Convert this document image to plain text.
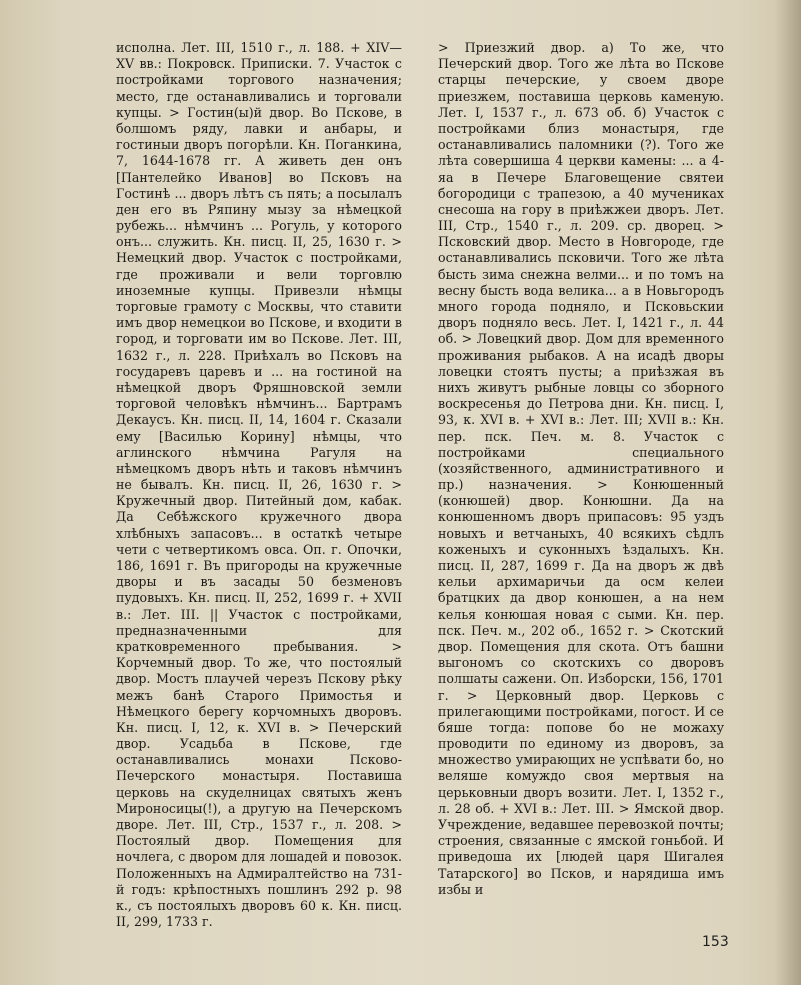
исполна. Лет. III, 1510 г., л. 188. + XIV—XV вв.: Покровск. Приписки. 7. Участок с постройками торгового назначения; место, где останавливались и торговали купцы. > Гостин(ы)й двор. Во Пскове, в болшомъ ряду, лавки и анбары, и гостиныи дворъ погорѣли. Кн. Поганкина, 7, 1644-1678 гг. А живеть ден онъ [Пантелейко Иванов] во Псковъ на Гостинѣ ... дворъ лѣтъ съ пять; а посылалъ ден его въ Ряпину мызу за нѣмецкой рубежь... нѣмчинъ ... Рогуль, у которого онъ... служить. Кн. писц. II, 25, 1630 г. > Немецкий двор. Участок с постройками, где проживали и вели торговлю иноземные купцы. Привезли нѣмцы торговые грамоту с Москвы, что ставити имъ двор немецкои во Пскове, и входити в город, и торговати им во Пскове. Лет. III, 1632 г., л. 228. Приѣхалъ во Псковъ на государевъ царевъ и ... на гостиной на нѣмецкой дворъ Фряшновской земли торговой человѣкъ нѣмчинъ... Бартрамъ Декаусъ. Кн. писц. II, 14, 1604 г. Сказали ему [Василью Корину] нѣмцы, что аглинского нѣмчина Рагуля на нѣмецкомъ дворъ нѣть и таковъ нѣмчинъ не бывалъ. Кн. писц. II, 26, 1630 г. > Кружечный двор. Питейный дом, кабак. Да Себѣжского кружечного двора хлѣбныхъ запасовъ... в остаткѣ четыре чети с четвертикомъ овса. Оп. г. Опочки, 186, 1691 г. Въ пригороды на кружечные дворы и въ засады 50 безменовъ пудовыхъ. Кн. писц. II, 252, 1699 г. + XVII в.: Лет. III. || Участок с постройками, предназначенными для кратковременного пребывания. > Корчемный двор. То же, что постоялый двор. Мостъ плаучей черезъ Пскову рѣку межъ банѣ Старого Примостья и Нѣмецкого берегу корчомныхъ дворовъ. Кн. писц. I, 12, к. XVI в. > Печерский двор. Усадьба в Пскове, где останавливались монахи Псково-Печерского монастыря. Поставиша церковь на скуделницах святыхъ женъ Мироносицы(!), а другую на Печерскомъ дворе. Лет. III, Стр., 1537 г., л. 208. > Постоялый двор. Помещения для ночлега, с двором для лошадей и повозок. Положенныхъ на Адмиралтейство на 731-й годъ: крѣпостныхъ пошлинъ 292 р. 98 к., съ постоялыхъ дворовъ 60 к. Кн. писц. II, 299, 1733 г.

> Приезжий двор. а) То же, что Печерский двор. Того же лѣта во Пскове старцы печерские, у своем дворе приезжем, поставиша церковь каменую. Лет. I, 1537 г., л. 673 об. б) Участок с постройками близ монастыря, где останавливались паломники (?). Того же лѣта совершиша 4 церкви камены: ... а 4-яа в Печере Благовещение святеи богородици с трапезою, а 40 мучениках снесоша на гору в приѣжжеи дворъ. Лет. III, Стр., 1540 г., л. 209. ср. дворец. > Псковский двор. Место в Новгороде, где останавливались псковичи. Того же лѣта бысть зима снежна велми... и по томъ на весну бысть вода велика... а в Новьгородъ много города подняло, и Псковьскии дворъ подняло весь. Лет. I, 1421 г., л. 44 об. > Ловецкий двор. Дом для временного проживания рыбаков. А на исадѣ дворы ловецки стоятъ пусты; а приѣзжая въ нихъ живутъ рыбные ловцы со зборного воскресенья до Петрова дни. Кн. писц. I, 93, к. XVI в. + XVI в.: Лет. III; XVII в.: Кн. пер. пск. Печ. м. 8. Участок с постройками специального (хозяйственного, административного и пр.) назначения. > Конюшенный (конюшей) двор. Конюшни. Да на конюшенномъ дворъ припасовъ: 95 уздъ новыхъ и ветчаныхъ, 40 всякихъ сѣдлъ коженыхъ и суконныхъ ѣздалыхъ. Кн. писц. II, 287, 1699 г. Да на дворъ ж двѣ кельи архимаричьи да осм келеи братцких да двор конюшен, а на нем келья конюшая новая с сыми. Кн. пер. пск. Печ. м., 202 об., 1652 г. > Скотский двор. Помещения для скота. Отъ башни выгономъ со скотскихъ со дворовъ полшаты сажени. Оп. Изборски, 156, 1701 г. > Церковный двор. Церковь с прилегающими постройками, погост. И се бяше тогда: попове бо не можаху проводити по единому из дворовъ, за множество умирающих не успѣвати бо, но веляше комуждо своя мертвыя на церьковныи дворъ возити. Лет. I, 1352 г., л. 28 об. + XVI в.: Лет. III. > Ямской двор. Учреждение, ведавшее перевозкой почты; строения, связанные с ямской гоньбой. И приведоша их [людей царя Шигалея Татарского] во Псков, и нарядиша имъ избы и

153
